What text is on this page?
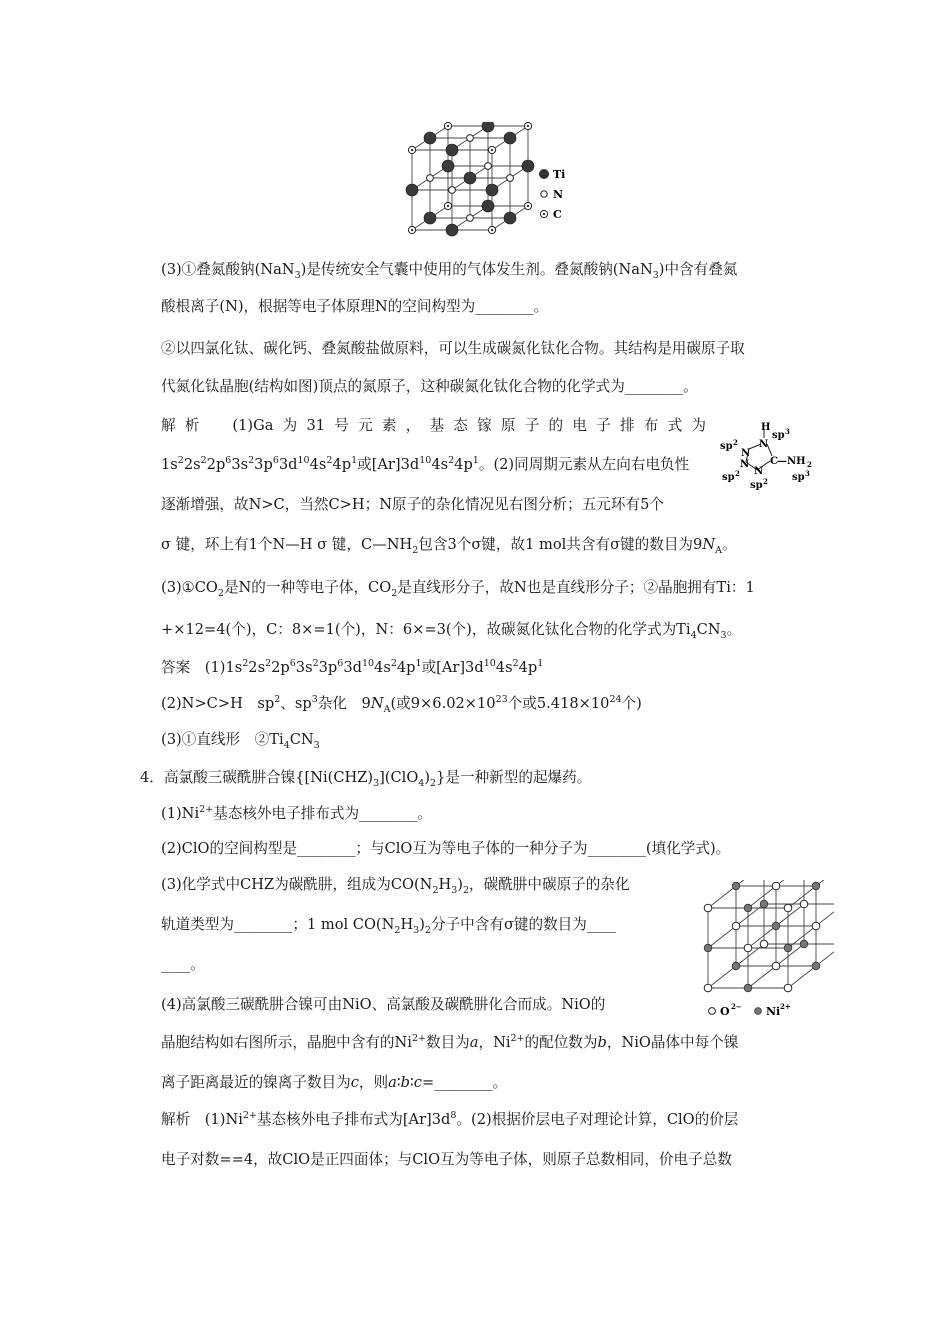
Ti
N
C
(3)①叠氮酸钠(NaN$_3$)是传统安全气囊中使用的气体发生剂。叠氮酸钠(NaN$_3$)中含有叠氮
酸根离子(N)，根据等电子体原理N的空间构型为________。
②以四氯化钛、碳化钙、叠氮酸盐做原料，可以生成碳氮化钛化合物。其结构是用碳原子取
代氮化钛晶胞(结构如图)顶点的氮原子，这种碳氮化钛化合物的化学式为________。
H
N
N
N
N
C —NH 2
sp 3
sp 2
sp 2
sp 2 sp 3
解析　(1)Ga为31号元素，基态镓原子的电子排布式为
$1s^22s^22p^63s^23p^63d^{10}4s^24p^1$或$[Ar]3d^{10}4s^24p^1$。(2)同周期元素从左向右电负性
逐渐增强，故N>C，当然C>H；N原子的杂化情况见右图分析；五元环有5个
σ 键，环上有1个N—H σ 键，$C—NH_2$包含3个σ键，故1 mol共含有σ键的数目为$9N_A$。
$(3)①CO_2$是N的一种等电子体，$CO_2$是直线形分子，故N也是直线形分子；②晶胞拥有Ti：1
+×12=4(个)，C：8×=1(个)，N：6×=3(个)，故碳氮化钛化合物的化学式为$Ti_4CN_3$。
答案　$(1)1s^22s^22p^63s^23p^63d^{10}4s^24p^1$或$[Ar]3d^{10}4s^24p^1$
(2)N>C>H　$sp^2$、$sp^3$杂化　$9N_A$(或$9\times 6.02\times 10^{23}$个或$5.418\times 10^{24}$个)
(3)①直线形　$②Ti_4CN_3$
4．高氯酸三碳酰肼合镍$\{[Ni(CHZ)_3](ClO_4)_2\}$是一种新型的起爆药。
$(1)Ni^{2+}$基态核外电子排布式为________。
(2)ClO的空间构型是________；与ClO互为等电子体的一种分子为________(填化学式)。
O 2− Ni 2+
(3)化学式中CHZ为碳酰肼，组成为$CO(N_2H_3)_2$，碳酰肼中碳原子的杂化
轨道类型为________；1 mol $CO(N_2H_3)_2$分子中含有σ键的数目为____
____。
(4)高氯酸三碳酰肼合镍可由NiO、高氯酸及碳酰肼化合而成。NiO的
晶胞结构如右图所示，晶胞中含有的$Ni^{2+}$数目为a，$Ni^{2+}$的配位数为b，NiO晶体中每个镍
离子距离最近的镍离子数目为c，则a∶b∶c=________。
解析　$(1)Ni^{2+}$基态核外电子排布式为$[Ar]3d^8$。(2)根据价层电子对理论计算，ClO的价层
电子对数==4，故ClO是正四面体；与ClO互为等电子体，则原子总数相同，价电子总数
